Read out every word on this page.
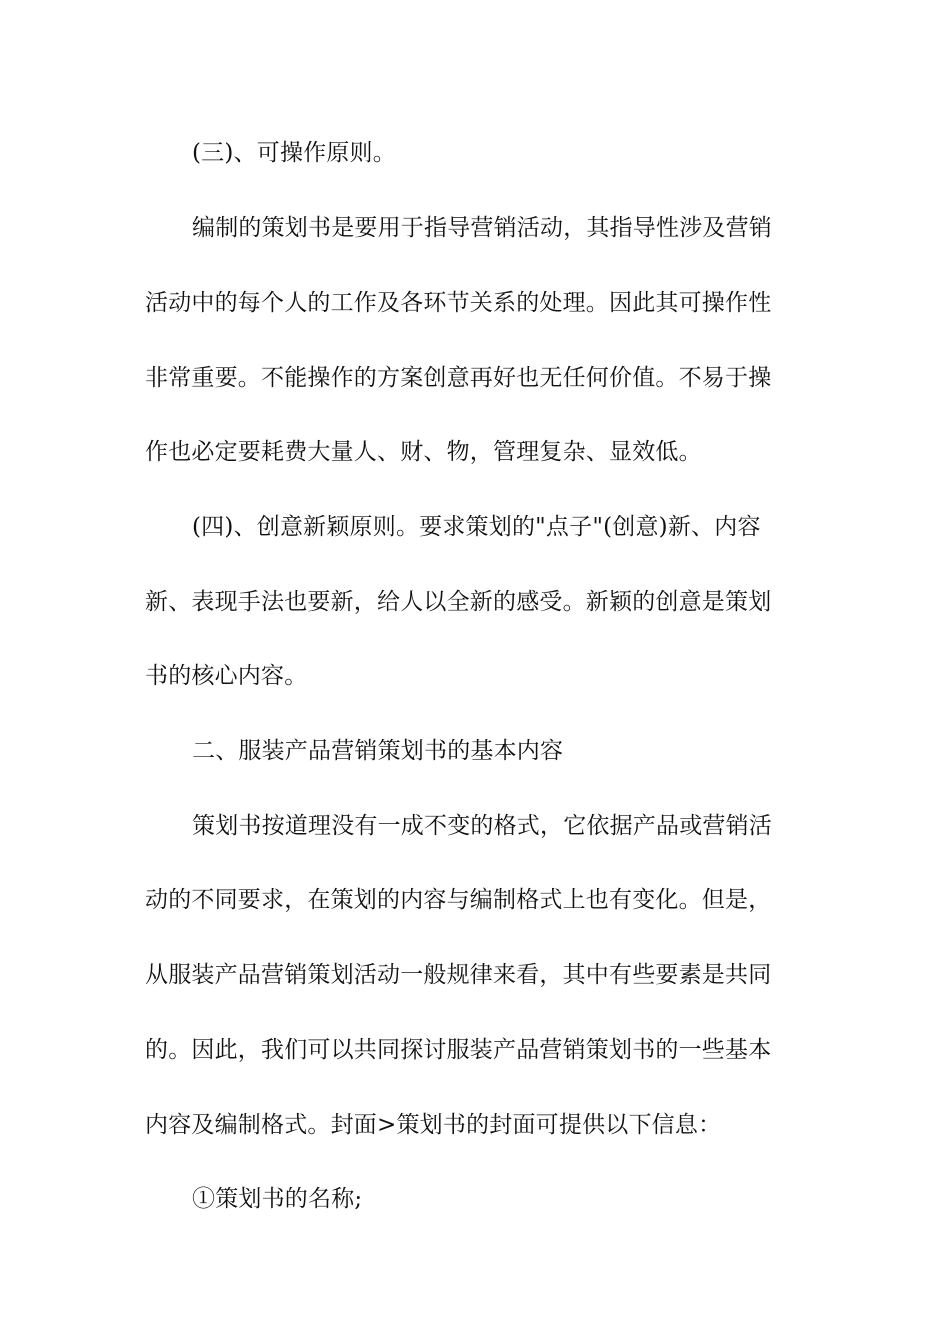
(三)、可操作原则。
编制的策划书是要用于指导营销活动，其指导性涉及营销
活动中的每个人的工作及各环节关系的处理。因此其可操作性
非常重要。不能操作的方案创意再好也无任何价值。不易于操
作也必定要耗费大量人、财、物，管理复杂、显效低。
(四)、创意新颖原则。要求策划的"点子"(创意)新、内容
新、表现手法也要新，给人以全新的感受。新颖的创意是策划
书的核心内容。
二、服装产品营销策划书的基本内容
策划书按道理没有一成不变的格式，它依据产品或营销活
动的不同要求，在策划的内容与编制格式上也有变化。但是，
从服装产品营销策划活动一般规律来看，其中有些要素是共同
的。因此，我们可以共同探讨服装产品营销策划书的一些基本
内容及编制格式。封面>策划书的封面可提供以下信息：
①策划书的名称;
